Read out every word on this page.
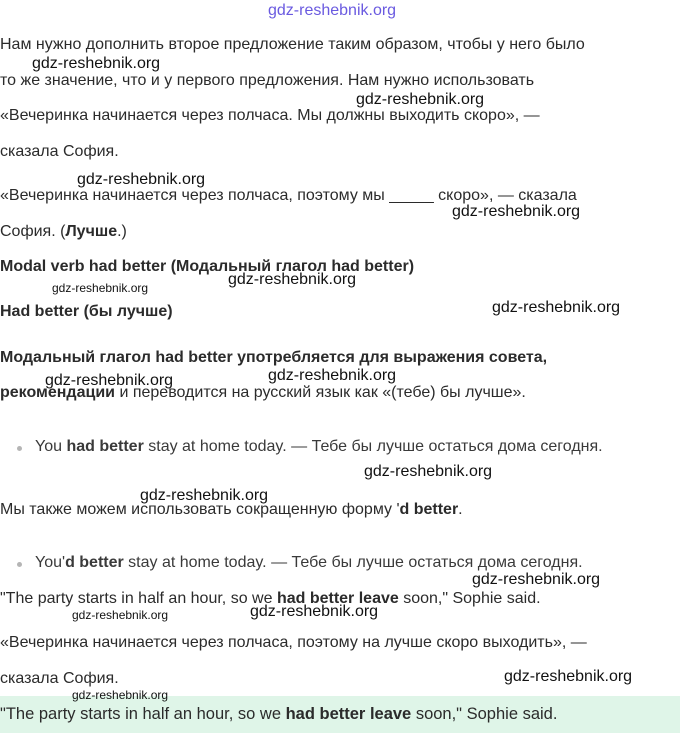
Нам нужно дополнить второе предложение таким образом, чтобы у него было
то же значение, что и у первого предложения. Нам нужно использовать
«Вечеринка начинается через полчаса. Мы должны выходить скоро», —
сказала София.
«Вечеринка начинается через полчаса, поэтому мы _____ скоро», — сказала
София. (Лучше.)
Modal verb had better (Модальный глагол had better)
Had better (бы лучше)
Модальный глагол had better употребляется для выражения совета,
рекомендации и переводится на русский язык как «(тебе) бы лучше».
You had better stay at home today. — Тебе бы лучше остаться дома сегодня.
Мы также можем использовать сокращенную форму 'd better.
You'd better stay at home today. — Тебе бы лучше остаться дома сегодня.
"The party starts in half an hour, so we had better leave soon," Sophie said.
«Вечеринка начинается через полчаса, поэтому на лучше скоро выходить», —
сказала София.
"The party starts in half an hour, so we had better leave soon," Sophie said.
gdz-reshebnik.org
gdz-reshebnik.org
gdz-reshebnik.org
gdz-reshebnik.org
gdz-reshebnik.org
gdz-reshebnik.org
gdz-reshebnik.org
gdz-reshebnik.org
gdz-reshebnik.org
gdz-reshebnik.org
gdz-reshebnik.org
gdz-reshebnik.org
gdz-reshebnik.org
gdz-reshebnik.org
gdz-reshebnik.org
gdz-reshebnik.org
gdz-reshebnik.org
